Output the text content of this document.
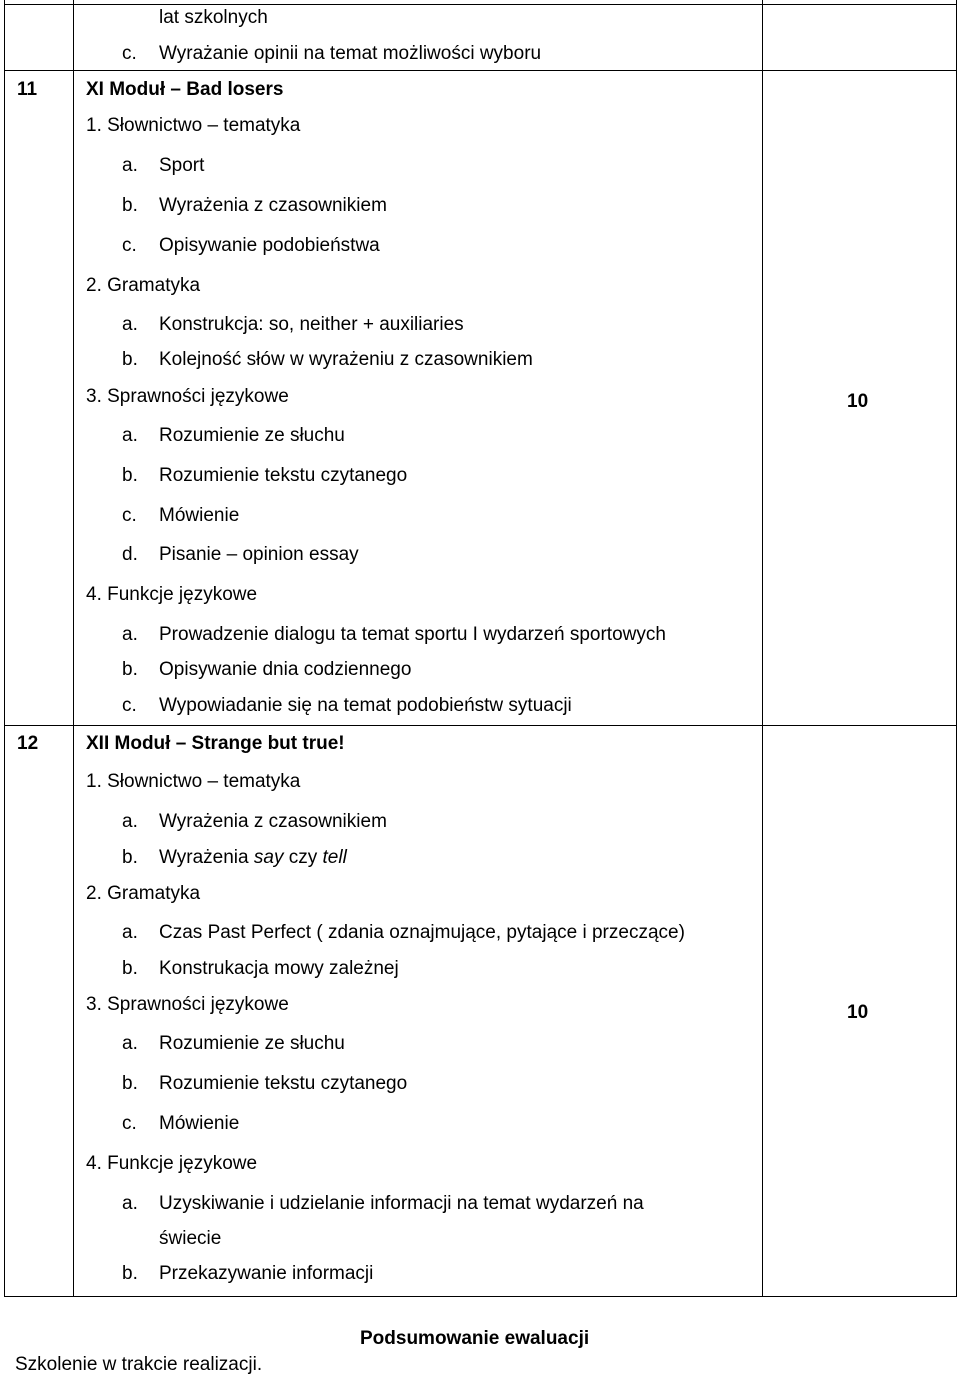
lat szkolnych
c. Wyrażanie opinii na temat możliwości wyboru
11	XI Moduł – Bad losers
10
1. Słownictwo – tematyka
a. Sport
b. Wyrażenia z czasownikiem
c. Opisywanie podobieństwa
2. Gramatyka
a. Konstrukcja: so, neither + auxiliaries
b. Kolejność słów w wyrażeniu z czasownikiem
3. Sprawności językowe
a. Rozumienie ze słuchu
b. Rozumienie tekstu czytanego
c. Mówienie
d. Pisanie – opinion essay
4. Funkcje językowe
a. Prowadzenie dialogu ta temat sportu I wydarzeń sportowych
b. Opisywanie dnia codziennego
c. Wypowiadanie się na temat podobieństw sytuacji
12	XII Moduł – Strange but true!
10
1. Słownictwo – tematyka
a. Wyrażenia z czasownikiem
b. Wyrażenia say czy tell
2. Gramatyka
a. Czas Past Perfect ( zdania oznajmujące, pytające i przeczące)
b. Konstrukacja mowy zależnej
3. Sprawności językowe
a. Rozumienie ze słuchu
b. Rozumienie tekstu czytanego
c. Mówienie
4. Funkcje językowe
a. Uzyskiwanie i udzielanie informacji na temat wydarzeń na
świecie
b. Przekazywanie informacji
Podsumowanie ewaluacji
Szkolenie w trakcie realizacji.
